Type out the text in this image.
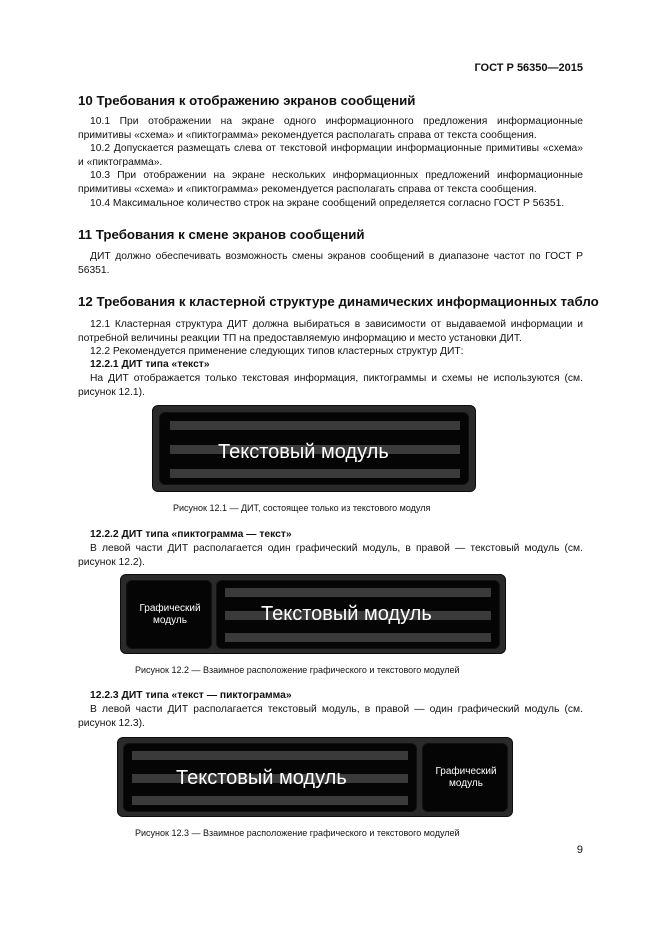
ГОСТ Р 56350—2015
10 Требования к отображению экранов сообщений
10.1 При отображении на экране одного информационного предложения информационные примитивы «схема» и «пиктограмма» рекомендуется располагать справа от текста сообщения.
10.2 Допускается размещать слева от текстовой информации информационные примитивы «схема» и «пиктограмма».
10.3 При отображении на экране нескольких информационных предложений информационные примитивы «схема» и «пиктограмма» рекомендуется располагать справа от текста сообщения.
10.4 Максимальное количество строк на экране сообщений определяется согласно ГОСТ Р 56351.
11 Требования к смене экранов сообщений
ДИТ должно обеспечивать возможность смены экранов сообщений в диапазоне частот по ГОСТ Р 56351.
12 Требования к кластерной структуре динамических информационных табло
12.1 Кластерная структура ДИТ должна выбираться в зависимости от выдаваемой информации и потребной величины реакции ТП на предоставляемую информацию и место установки ДИТ.
12.2 Рекомендуется применение следующих типов кластерных структур ДИТ:
12.2.1 ДИТ типа «текст»
На ДИТ отображается только текстовая информация, пиктограммы и схемы не используются (см. рисунок 12.1).
Текстовый модуль
Рисунок 12.1 — ДИТ, состоящее только из текстового модуля
12.2.2 ДИТ типа «пиктограмма — текст»
В левой части ДИТ располагается один графический модуль, в правой — текстовый модуль (см. рисунок 12.2).
Графический
модуль	Текстовый модуль
Рисунок 12.2 — Взаимное расположение графического и текстового модулей
12.2.3 ДИТ типа «текст — пиктограмма»
В левой части ДИТ располагается текстовый модуль, в правой — один графический модуль (см. рисунок 12.3).
Текстовый модуль	Графический
модуль
Рисунок 12.3 — Взаимное расположение графического и текстового модулей
9
